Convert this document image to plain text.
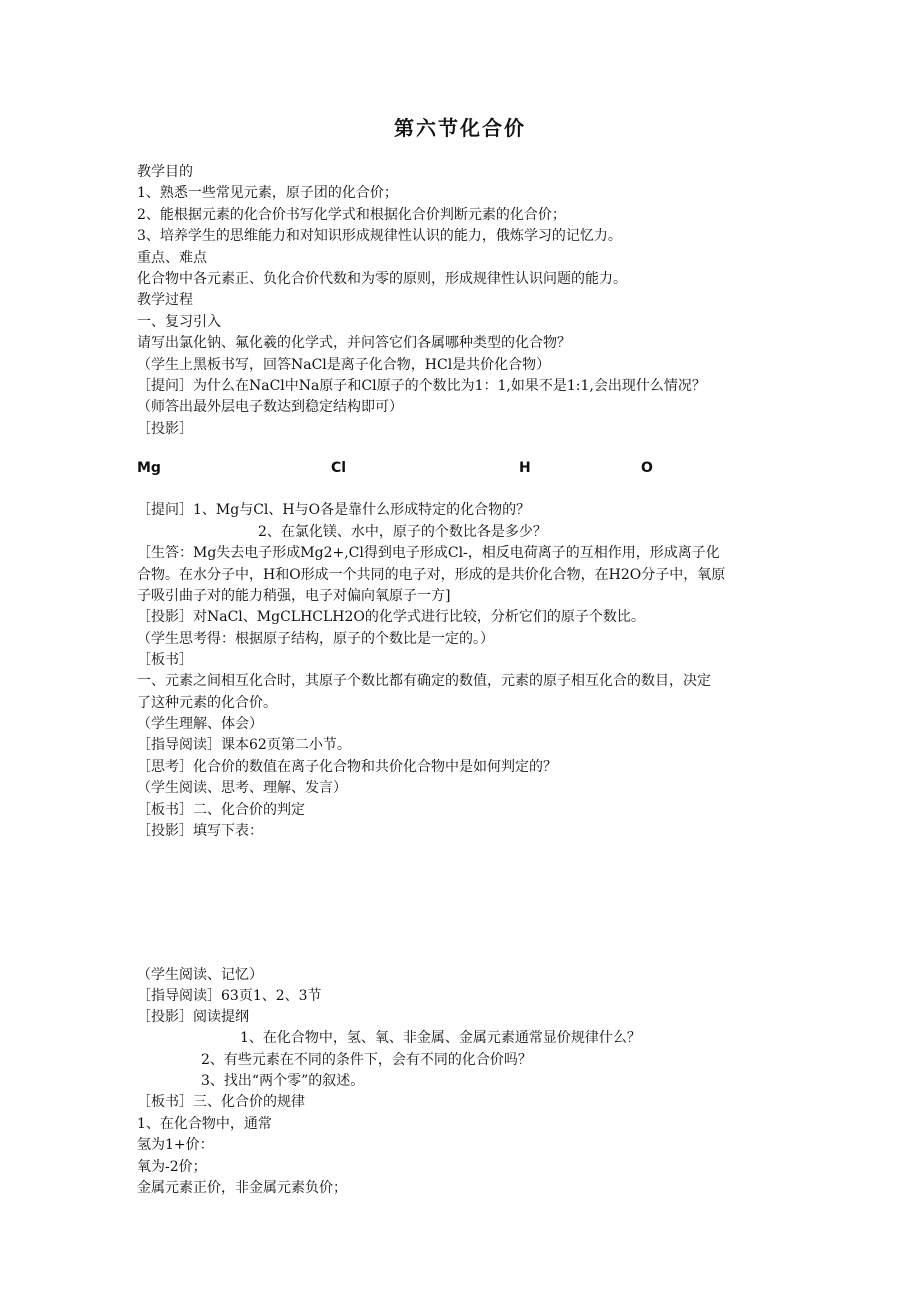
第六节化合价
教学目的
1、熟悉一些常见元素，原子团的化合价；
2、能根据元素的化合价书写化学式和根据化合价判断元素的化合价；
3、培养学生的思维能力和对知识形成规律性认识的能力，俄炼学习的记忆力。
重点、难点
化合物中各元素正、负化合价代数和为零的原则，形成规律性认识问题的能力。
教学过程
一、复习引入
请写出氯化钠、氟化羲的化学式，并问答它们各属哪种类型的化合物？
（学生上黑板书写，回答NaCl是离子化合物，HCl是共价化合物）
［提问］为什么在NaCl中Na原子和Cl原子的个数比为1：1,如果不是1:1,会出现什么情况？
（师答出最外层电子数达到稳定结构即可）
［投影］
Mg	Cl	H	O
［提问］1、Mg与Cl、H与O各是靠什么形成特定的化合物的？
2、在氯化镁、水中，原子的个数比各是多少？
［生答：Mg失去电子形成Mg2+,Cl得到电子形成Cl-，相反电荷离子的互相作用，形成离子化
合物。在水分子中，H和O形成一个共同的电子对，形成的是共价化合物，在H2O分子中，氧原
子吸引曲子对的能力稍强，电子对偏向氧原子一方]
［投影］对NaCl、MgCLHCLH2O的化学式进行比较，分析它们的原子个数比。
（学生思考得：根据原子结构，原子的个数比是一定的。）
［板书］
一、元素之间相互化合时，其原子个数比都有确定的数值，元素的原子相互化合的数目，决定
了这种元素的化合价。
（学生理解、体会）
［指导阅读］课本62页第二小节。
［思考］化合价的数值在离子化合物和共价化合物中是如何判定的？
（学生阅读、思考、理解、发言）
［板书］二、化合价的判定
［投影］填写下表：
（学生阅读、记忆）
［指导阅读］63页1、2、3节
［投影］阅读提纲
1、在化合物中，氢、氧、非金属、金属元素通常显价规律什么？
2、有些元素在不同的条件下，会有不同的化合价吗？
3、找出“两个零”的叙述。
［板书］三、化合价的规律
1、在化合物中，通常
氢为1+价：
氧为-2价；
金属元素正价，非金属元素负价；
